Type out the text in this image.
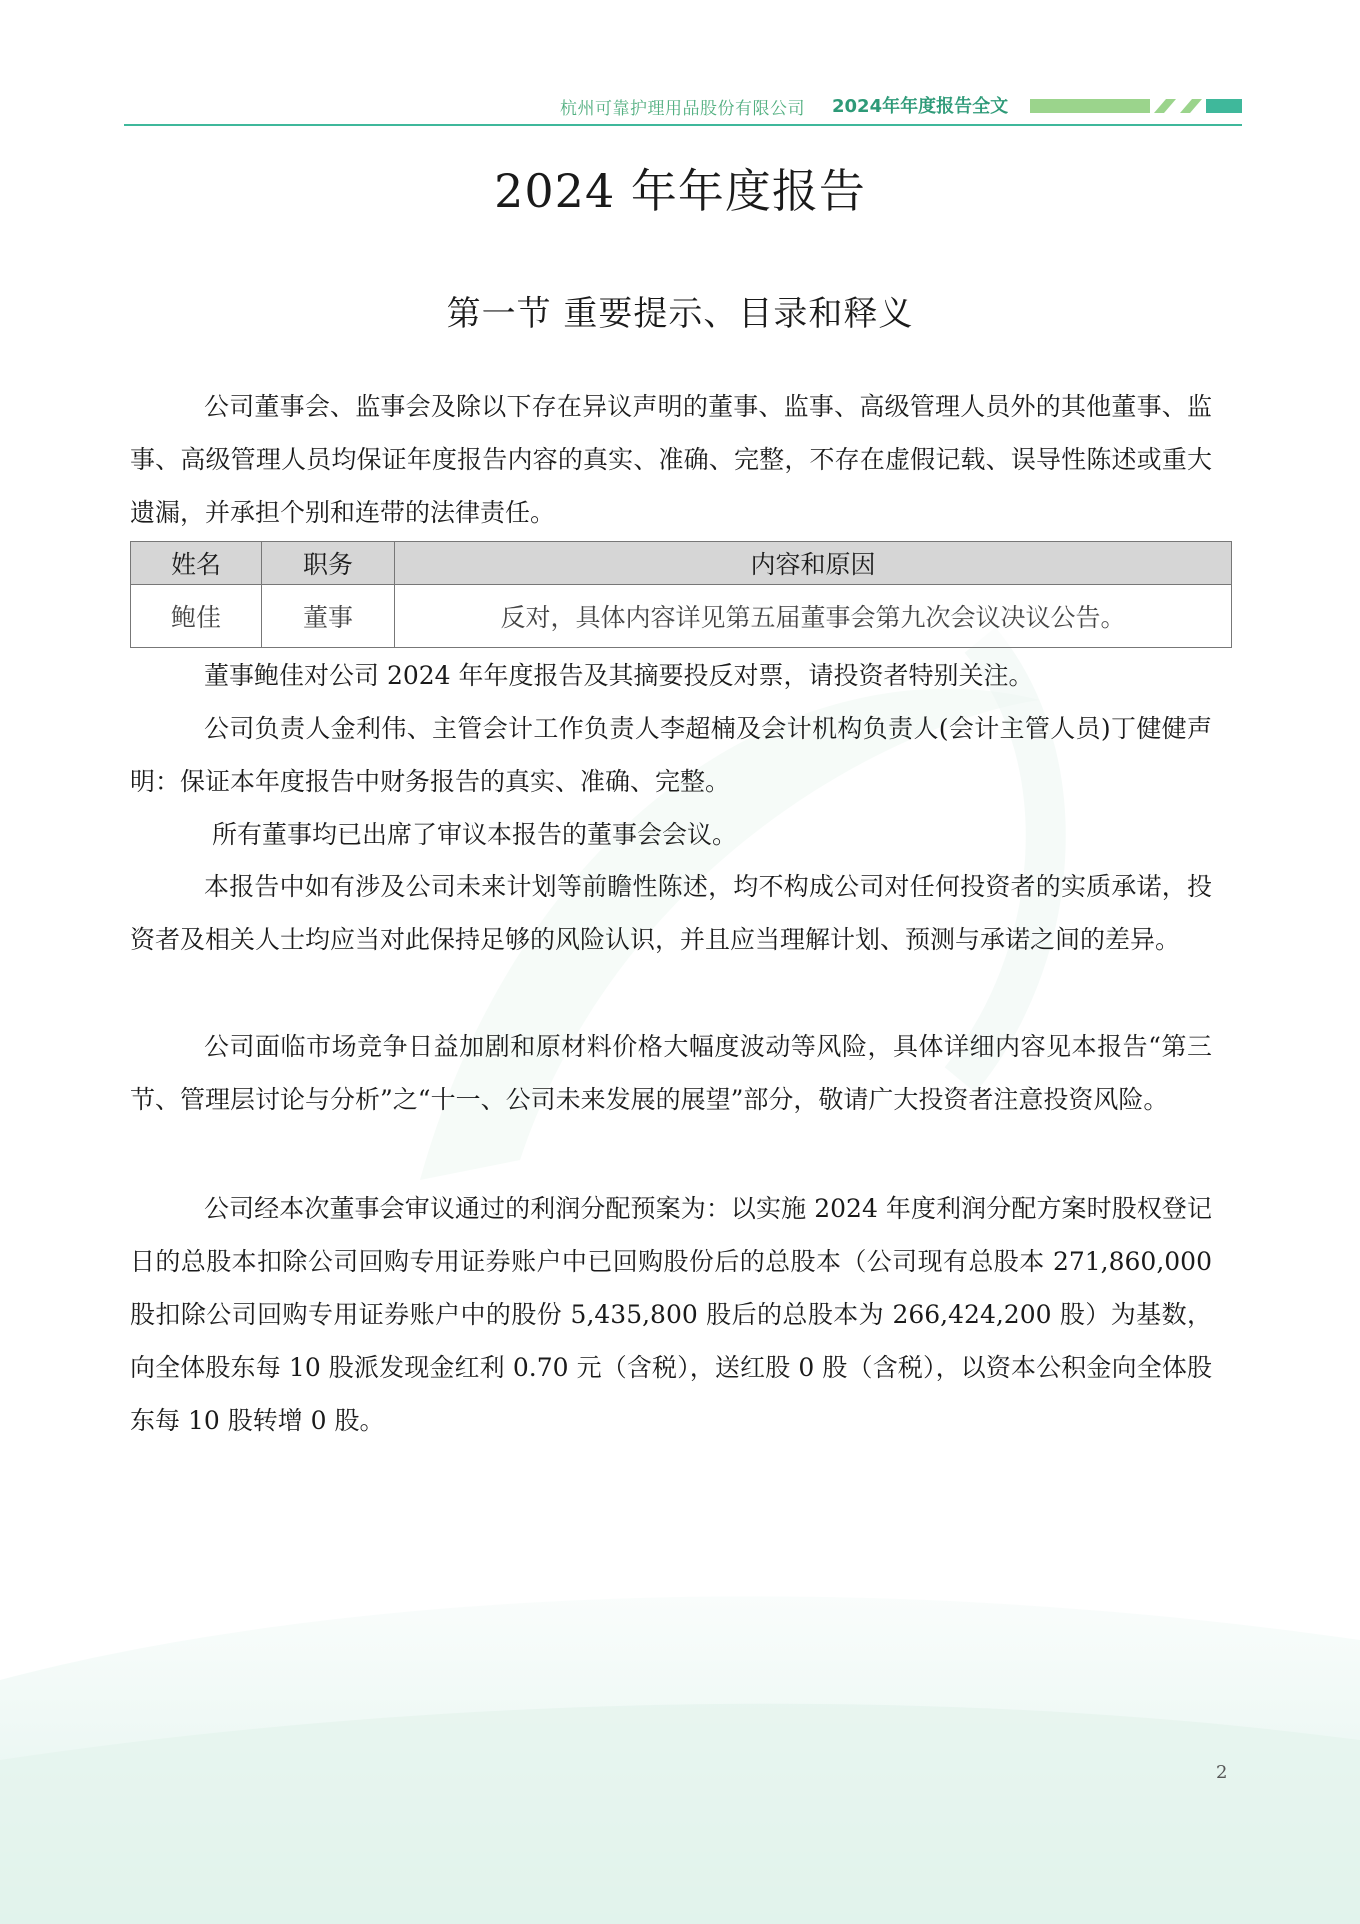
杭州可靠护理用品股份有限公司 2024年年度报告全文
2024 年年度报告
第一节 重要提示、目录和释义
公司董事会、监事会及除以下存在异议声明的董事、监事、高级管理人员外的其他董事、监事、高级管理人员均保证年度报告内容的真实、准确、完整，不存在虚假记载、误导性陈述或重大遗漏，并承担个别和连带的法律责任。
姓名	职务	内容和原因
鲍佳	董事	反对，具体内容详见第五届董事会第九次会议决议公告。
董事鲍佳对公司 2024 年年度报告及其摘要投反对票，请投资者特别关注。
公司负责人金利伟、主管会计工作负责人李超楠及会计机构负责人(会计主管人员)丁健健声明：保证本年度报告中财务报告的真实、准确、完整。
所有董事均已出席了审议本报告的董事会会议。
本报告中如有涉及公司未来计划等前瞻性陈述，均不构成公司对任何投资者的实质承诺，投资者及相关人士均应当对此保持足够的风险认识，并且应当理解计划、预测与承诺之间的差异。
公司面临市场竞争日益加剧和原材料价格大幅度波动等风险，具体详细内容见本报告“第三节、管理层讨论与分析”之“十一、公司未来发展的展望”部分，敬请广大投资者注意投资风险。
公司经本次董事会审议通过的利润分配预案为：以实施 2024 年度利润分配方案时股权登记日的总股本扣除公司回购专用证券账户中已回购股份后的总股本（公司现有总股本 271,860,000 股扣除公司回购专用证券账户中的股份 5,435,800 股后的总股本为 266,424,200 股）为基数，向全体股东每 10 股派发现金红利 0.70 元（含税），送红股 0 股（含税），以资本公积金向全体股东每 10 股转增 0 股。
2
